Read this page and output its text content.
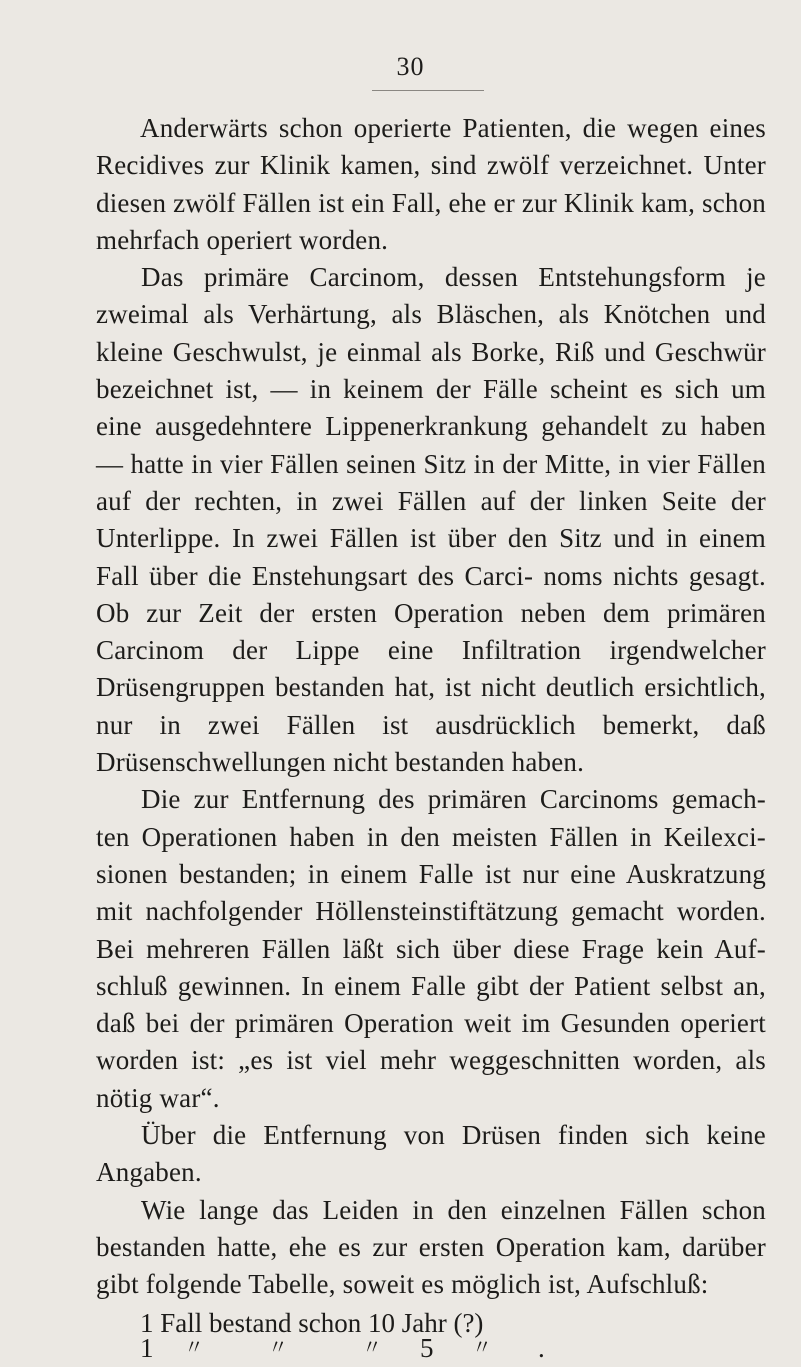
30

Anderwärts schon operierte Patienten, die wegen eines Recidives zur Klinik kamen, sind zwölf verzeichnet. Unter diesen zwölf Fällen ist ein Fall, ehe er zur Klinik kam, schon mehrfach operiert worden.

Das primäre Carcinom, dessen Entstehungsform je zweimal als Verhärtung, als Bläschen, als Knötchen und kleine Geschwulst, je einmal als Borke, Riß und Geschwür bezeichnet ist, — in keinem der Fälle scheint es sich um eine ausgedehntere Lippenerkrankung gehandelt zu haben — hatte in vier Fällen seinen Sitz in der Mitte, in vier Fällen auf der rechten, in zwei Fällen auf der linken Seite der Unterlippe. In zwei Fällen ist über den Sitz und in einem Fall über die Enstehungsart des Carci- noms nichts gesagt. Ob zur Zeit der ersten Operation neben dem primären Carcinom der Lippe eine Infiltration irgendwelcher Drüsengruppen bestanden hat, ist nicht deutlich ersichtlich, nur in zwei Fällen ist ausdrücklich bemerkt, daß Drüsenschwellungen nicht bestanden haben.

Die zur Entfernung des primären Carcinoms gemach- ten Operationen haben in den meisten Fällen in Keilexci- sionen bestanden; in einem Falle ist nur eine Auskratzung mit nachfolgender Höllensteinstiftätzung gemacht worden. Bei mehreren Fällen läßt sich über diese Frage kein Auf- schluß gewinnen. In einem Falle gibt der Patient selbst an, daß bei der primären Operation weit im Gesunden operiert worden ist: „es ist viel mehr weggeschnitten worden, als nötig war“.

Über die Entfernung von Drüsen finden sich keine Angaben.

Wie lange das Leiden in den einzelnen Fällen schon bestanden hatte, ehe es zur ersten Operation kam, darüber gibt folgende Tabelle, soweit es möglich ist, Aufschluß:

1 Fall bestand schon 10 Jahr (?)
1 〃	〃	〃 5 〃 .
